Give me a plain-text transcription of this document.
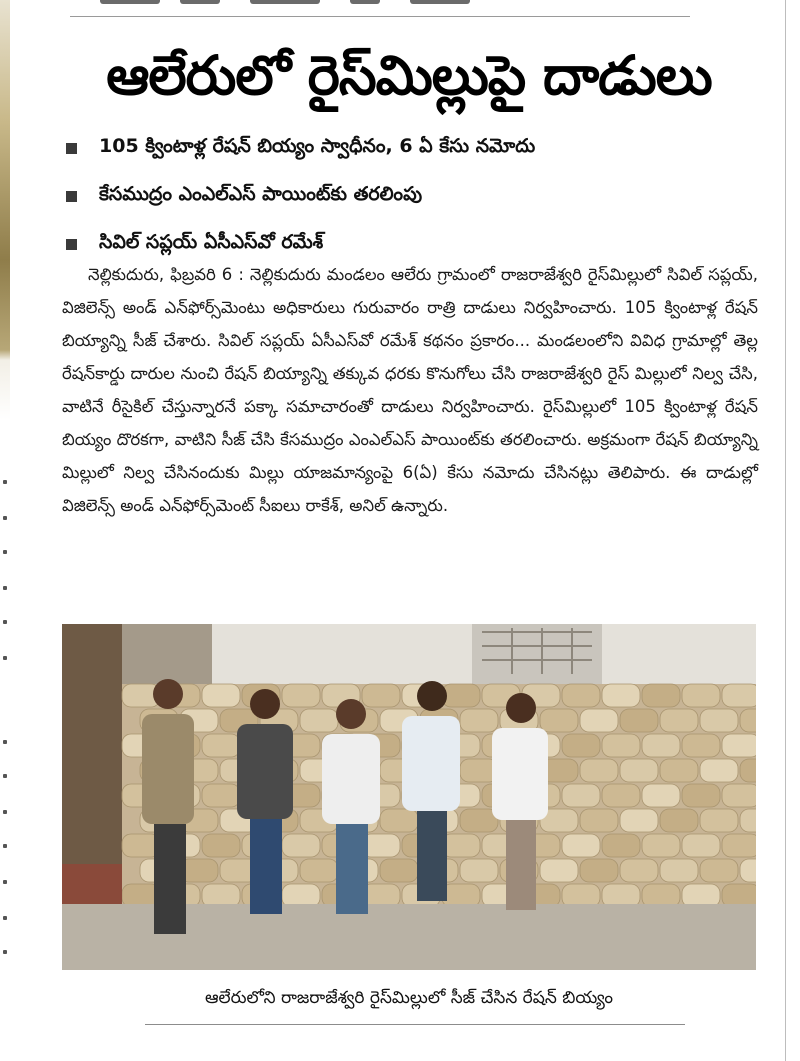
ఆలేరులో రైస్‌మిల్లుపై దాడులు
105 క్వింటాళ్ల రేషన్ బియ్యం స్వాధీనం, 6 ఏ కేసు నమోదు
కేసముద్రం ఎంఎల్ఎస్ పాయింట్‌కు తరలింపు
సివిల్ సప్లయ్ ఏసీఎస్‌వో రమేశ్

నెల్లికుదురు, ఫిబ్రవరి 6 : నెల్లికుదురు మండలం ఆలేరు గ్రామంలో రాజరాజేశ్వరి రైస్‌మిల్లులో సివిల్ సప్లయ్, విజిలెన్స్ అండ్ ఎన్‌ఫోర్స్‌మెంటు అధికారులు గురువారం రాత్రి దాడులు నిర్వహించారు. 105 క్వింటాళ్ల రేషన్ బియ్యాన్ని సీజ్ చేశారు. సివిల్ సప్లయ్ ఏసీఎస్‌వో రమేశ్ కథనం ప్రకారం... మండలంలోని వివిధ గ్రామాల్లో తెల్ల రేషన్‌కార్డు దారుల నుంచి రేషన్ బియ్యాన్ని తక్కువ ధరకు కొనుగోలు చేసి రాజరాజేశ్వరి రైస్ మిల్లులో నిల్వ చేసి, వాటినే రీసైకిల్ చేస్తున్నారనే పక్కా సమాచారంతో దాడులు నిర్వహించారు. రైస్‌మిల్లులో 105 క్వింటాళ్ల రేషన్ బియ్యం దొరకగా, వాటిని సీజ్ చేసి కేసముద్రం ఎంఎల్ఎస్ పాయింట్‌కు తరలించారు. అక్రమంగా రేషన్ బియ్యాన్ని మిల్లులో నిల్వ చేసినందుకు మిల్లు యాజమాన్యంపై 6(ఏ) కేసు నమోదు చేసినట్లు తెలిపారు. ఈ దాడుల్లో విజిలెన్స్ అండ్ ఎన్‌ఫోర్స్‌మెంట్ సీఐలు రాకేశ్, అనిల్ ఉన్నారు.

ఆలేరులోని రాజరాజేశ్వరి రైస్‌మిల్లులో సీజ్ చేసిన రేషన్ బియ్యం
